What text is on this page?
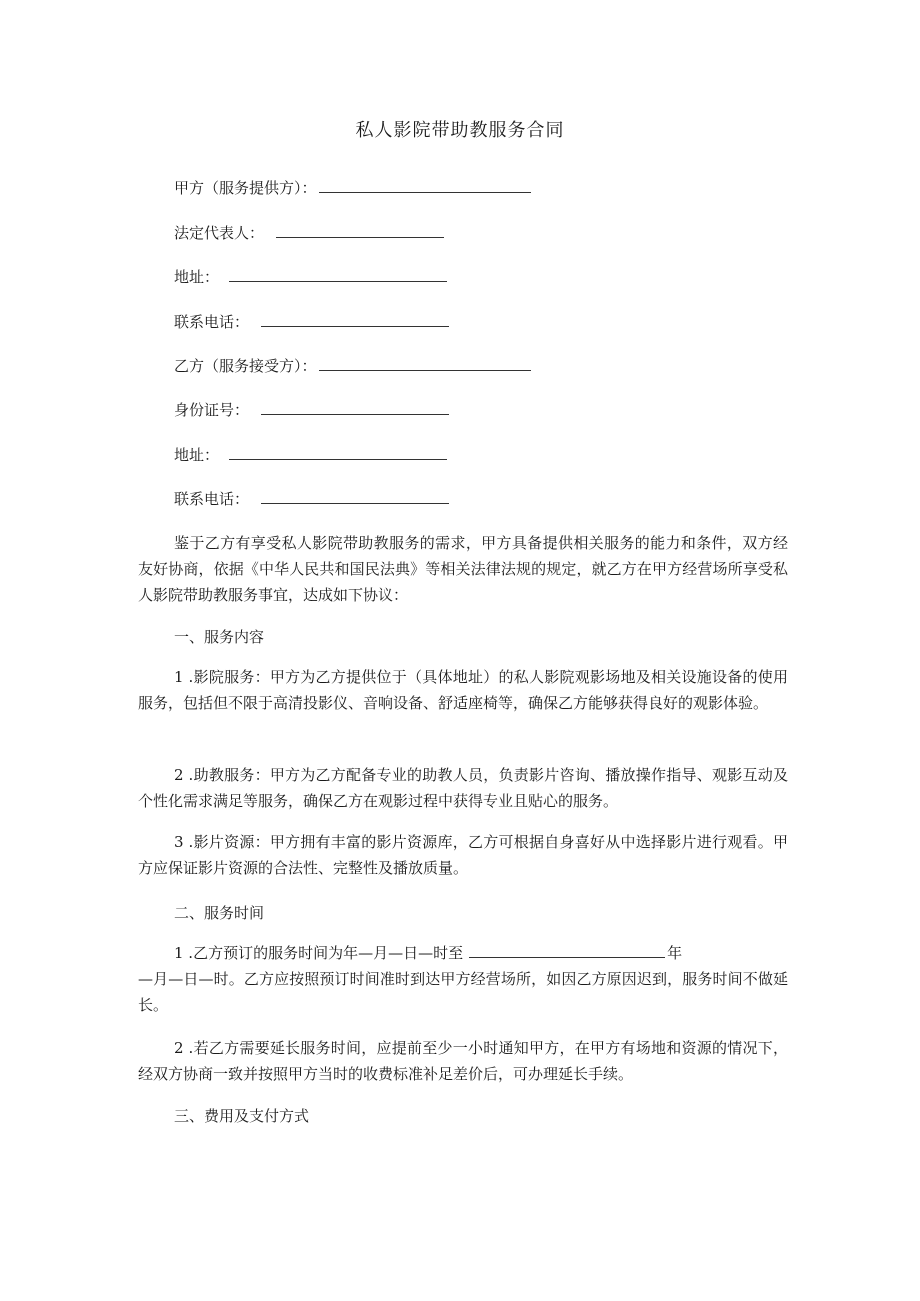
私人影院带助教服务合同
甲方（服务提供方）：
法定代表人：
地址：
联系电话：
乙方（服务接受方）：
身份证号：
地址：
联系电话：

鉴于乙方有享受私人影院带助教服务的需求，甲方具备提供相关服务的能力和条件，双方经友好协商，依据《中华人民共和国民法典》等相关法律法规的规定，就乙方在甲方经营场所享受私人影院带助教服务事宜，达成如下协议：

一、服务内容

1 .影院服务：甲方为乙方提供位于（具体地址）的私人影院观影场地及相关设施设备的使用服务，包括但不限于高清投影仪、音响设备、舒适座椅等，确保乙方能够获得良好的观影体验。

2 .助教服务：甲方为乙方配备专业的助教人员，负责影片咨询、播放操作指导、观影互动及个性化需求满足等服务，确保乙方在观影过程中获得专业且贴心的服务。

3 .影片资源：甲方拥有丰富的影片资源库，乙方可根据自身喜好从中选择影片进行观看。甲方应保证影片资源的合法性、完整性及播放质量。

二、服务时间

1 .乙方预订的服务时间为年—月—日—时至	年

—月—日—时。乙方应按照预订时间准时到达甲方经营场所，如因乙方原因迟到，服务时间不做延长。

2 .若乙方需要延长服务时间，应提前至少一小时通知甲方，在甲方有场地和资源的情况下，经双方协商一致并按照甲方当时的收费标准补足差价后，可办理延长手续。

三、费用及支付方式
